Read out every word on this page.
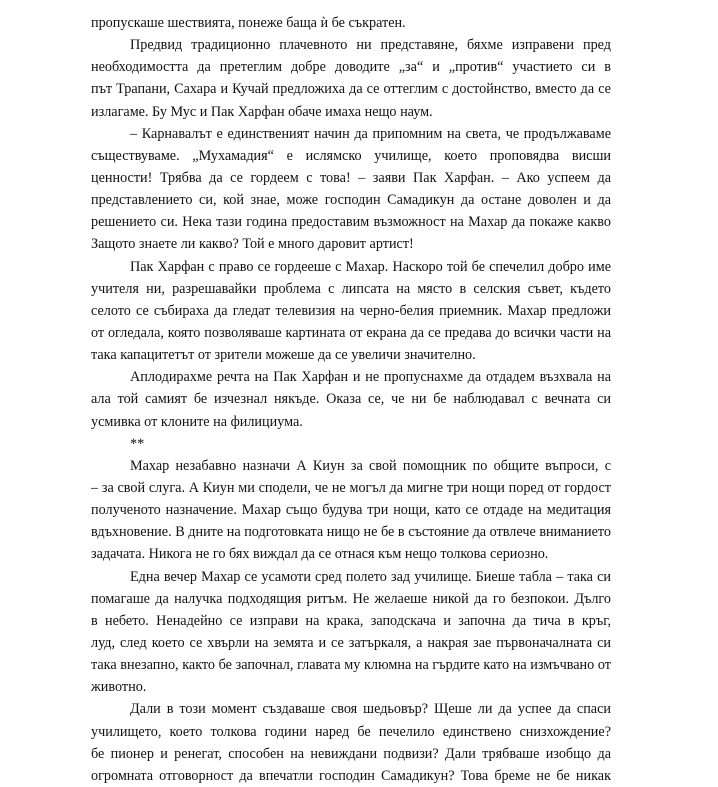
пропускаше шествията, понеже баща ѝ бе съкратен.
Предвид традиционно плачевното ни представяне, бяхме изправени пред
необходимостта да претеглим добре доводите „за“ и „против“ участието си в
път Трапани, Сахара и Кучай предложиха да се оттеглим с достойнство, вместо да се
излагаме. Бу Мус и Пак Харфан обаче имаха нещо наум.
– Карнавалът е единственият начин да припомним на света, че продължаваме
съществуваме. „Мухамадия“ е ислямско училище, което проповядва висши
ценности! Трябва да се гордеем с това! – заяви Пак Харфан. – Ако успеем да
представлението си, кой знае, може господин Самадикун да остане доволен и да
решението си. Нека тази година предоставим възможност на Махар да покаже какво
Защото знаете ли какво? Той е много даровит артист!
Пак Харфан с право се гордееше с Махар. Наскоро той бе спечелил добро име
учителя ни, разрешавайки проблема с липсата на място в селския съвет, където
селото се събираха да гледат телевизия на черно-белия приемник. Махар предложи
от огледала, която позволяваше картината от екрана да се предава до всички части на
така капацитетът от зрители можеше да се увеличи значително.
Аплодирахме речта на Пак Харфан и не пропуснахме да отдадем възхвала на
ала той самият бе изчезнал някъде. Оказа се, че ни бе наблюдавал с вечната си
усмивка от клоните на филициума.
**
Махар незабавно назначи А Киун за свой помощник по общите въпроси, с
– за свой слуга. А Киун ми сподели, че не могъл да мигне три нощи поред от гордост
полученото назначение. Махар също будува три нощи, като се отдаде на медитация
вдъхновение. В дните на подготовката нищо не бе в състояние да отвлече вниманието
задачата. Никога не го бях виждал да се отнася към нещо толкова сериозно.
Една вечер Махар се усамоти сред полето зад училище. Биеше табла – така си
помагаше да налучка подходящия ритъм. Не желаеше никой да го безпокои. Дълго
в небето. Ненадейно се изправи на крака, заподскача и започна да тича в кръг,
луд, след което се хвърли на земята и се затъркаля, а накрая зае първоначалната си
така внезапно, както бе започнал, главата му клюмна на гърдите като на измъчвано от
животно.
Дали в този момент създаваше своя шедьовър? Щеше ли да успее да спаси
училището, което толкова години наред бе печелило единствено снизхождение?
бе пионер и ренегат, способен на невиждани подвизи? Дали трябваше изобщо да
огромната отговорност да впечатли господин Самадикун? Това бреме не бе никак
